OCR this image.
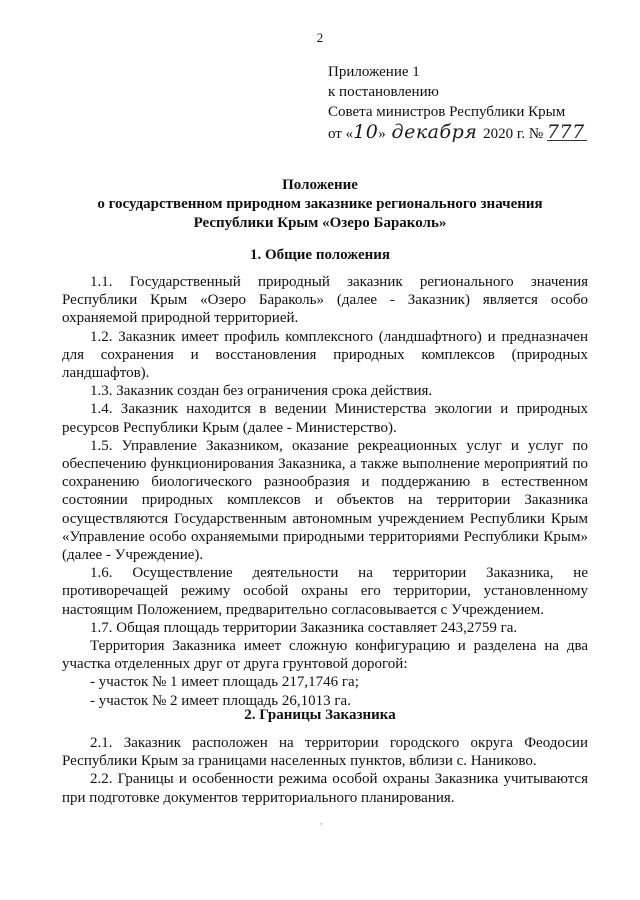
2
Приложение 1
к постановлению
Совета министров Республики Крым
от «10» декабря 2020 г. № 777
Положение
о государственном природном заказнике регионального значения
Республики Крым «Озеро Бараколь»
1. Общие положения

1.1. Государственный природный заказник регионального значения Республики Крым «Озеро Бараколь» (далее - Заказник) является особо охраняемой природной территорией.

1.2. Заказник имеет профиль комплексного (ландшафтного) и предназначен для сохранения и восстановления природных комплексов (природных ландшафтов).

1.3. Заказник создан без ограничения срока действия.

1.4. Заказник находится в ведении Министерства экологии и природных ресурсов Республики Крым (далее - Министерство).

1.5. Управление Заказником, оказание рекреационных услуг и услуг по обеспечению функционирования Заказника, а также выполнение мероприятий по сохранению биологического разнообразия и поддержанию в естественном состоянии природных комплексов и объектов на территории Заказника осуществляются Государственным автономным учреждением Республики Крым «Управление особо охраняемыми природными территориями Республики Крым» (далее - Учреждение).

1.6. Осуществление деятельности на территории Заказника, не противоречащей режиму особой охраны его территории, установленному настоящим Положением, предварительно согласовывается с Учреждением.

1.7. Общая площадь территории Заказника составляет 243,2759 га.

Территория Заказника имеет сложную конфигурацию и разделена на два участка отделенных друг от друга грунтовой дорогой:

- участок № 1 имеет площадь 217,1746 га;

- участок № 2 имеет площадь 26,1013 га.

2. Границы Заказника

2.1. Заказник расположен на территории городского округа Феодосии Республики Крым за границами населенных пунктов, вблизи с. Наниково.

2.2. Границы и особенности режима особой охраны Заказника учитываются при подготовке документов территориального планирования.

ˇ
